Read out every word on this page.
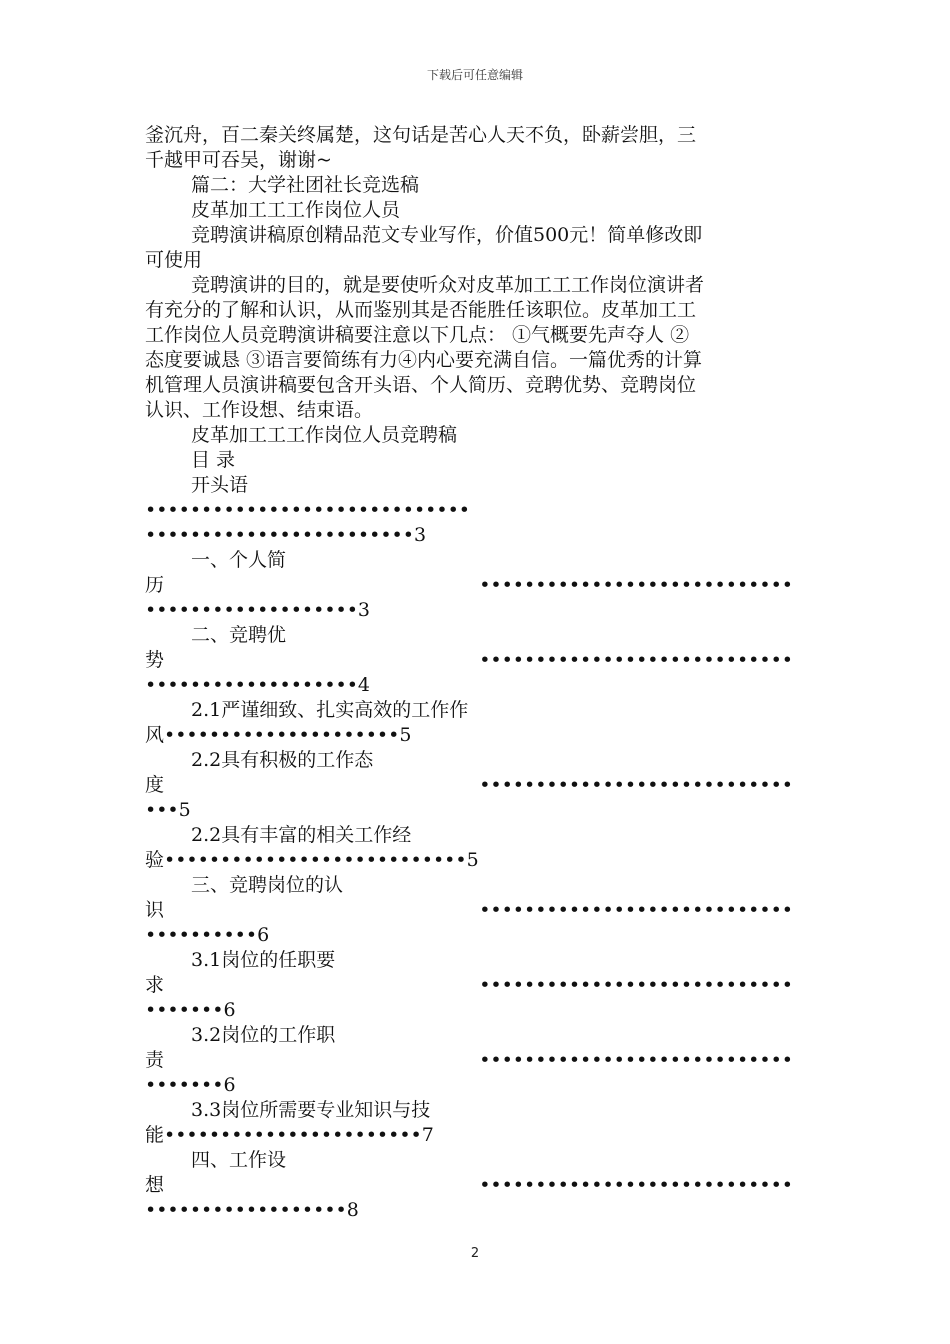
下载后可任意编辑
釜沉舟，百二秦关终属楚，这句话是苦心人天不负，卧薪尝胆，三
千越甲可吞吴，谢谢~
篇二：大学社团社长竞选稿
皮革加工工工作岗位人员
竞聘演讲稿原创精品范文专业写作，价值500元！简单修改即
可使用
竞聘演讲的目的，就是要使听众对皮革加工工工作岗位演讲者
有充分的了解和认识，从而鉴别其是否能胜任该职位。皮革加工工
工作岗位人员竞聘演讲稿要注意以下几点： ①气概要先声夺人 ②
态度要诚恳 ③语言要简练有力④内心要充满自信。一篇优秀的计算
机管理人员演讲稿要包含开头语、个人简历、竞聘优势、竞聘岗位
认识、工作设想、结束语。
皮革加工工工作岗位人员竞聘稿
目 录
开头语
•••••••••••••••••••••••••••••
••••••••••••••••••••••••3
一、个人简
历••••••••••••••••••••••••••••
•••••••••••••••••••3
二、竞聘优
势••••••••••••••••••••••••••••
•••••••••••••••••••4
2.1严谨细致、扎实高效的工作作
风•••••••••••••••••••••5
2.2具有积极的工作态
度••••••••••••••••••••••••••••
•••5
2.2具有丰富的相关工作经
验•••••••••••••••••••••••••••5
三、竞聘岗位的认
识••••••••••••••••••••••••••••
••••••••••6
3.1岗位的任职要
求••••••••••••••••••••••••••••
•••••••6
3.2岗位的工作职
责••••••••••••••••••••••••••••
•••••••6
3.3岗位所需要专业知识与技
能•••••••••••••••••••••••7
四、工作设
想••••••••••••••••••••••••••••
••••••••••••••••••8
2
